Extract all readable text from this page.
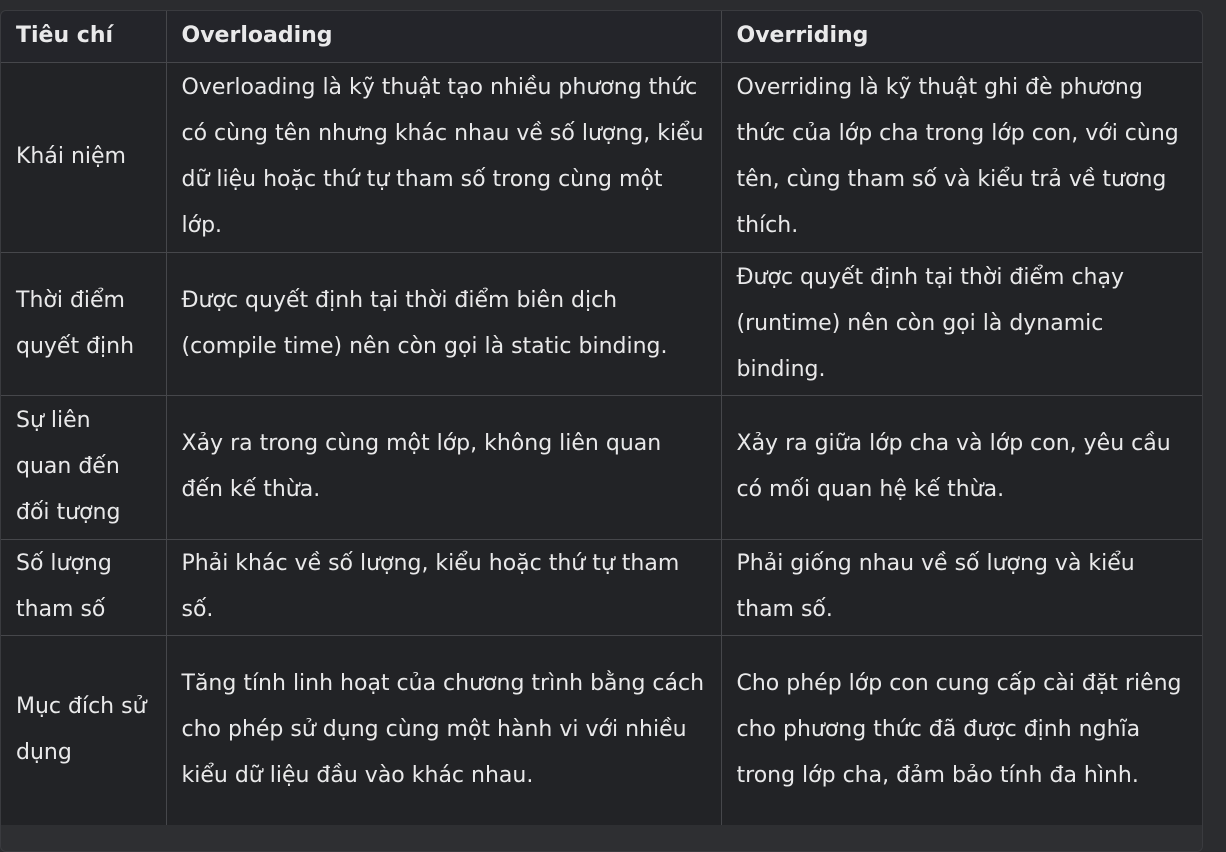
Tiêu chí	Overloading	Overriding
Khái niệm	Overloading là kỹ thuật tạo nhiều phương thức có cùng tên nhưng khác nhau về số lượng, kiểu dữ liệu hoặc thứ tự tham số trong cùng một lớp.	Overriding là kỹ thuật ghi đè phương thức của lớp cha trong lớp con, với cùng tên, cùng tham số và kiểu trả về tương thích.
Thời điểm quyết định	Được quyết định tại thời điểm biên dịch (compile time) nên còn gọi là static binding.	Được quyết định tại thời điểm chạy (runtime) nên còn gọi là dynamic binding.
Sự liên quan đến đối tượng	Xảy ra trong cùng một lớp, không liên quan đến kế thừa.	Xảy ra giữa lớp cha và lớp con, yêu cầu có mối quan hệ kế thừa.
Số lượng tham số	Phải khác về số lượng, kiểu hoặc thứ tự tham số.	Phải giống nhau về số lượng và kiểu tham số.
Mục đích sử dụng	Tăng tính linh hoạt của chương trình bằng cách cho phép sử dụng cùng một hành vi với nhiều kiểu dữ liệu đầu vào khác nhau.	Cho phép lớp con cung cấp cài đặt riêng cho phương thức đã được định nghĩa trong lớp cha, đảm bảo tính đa hình.
